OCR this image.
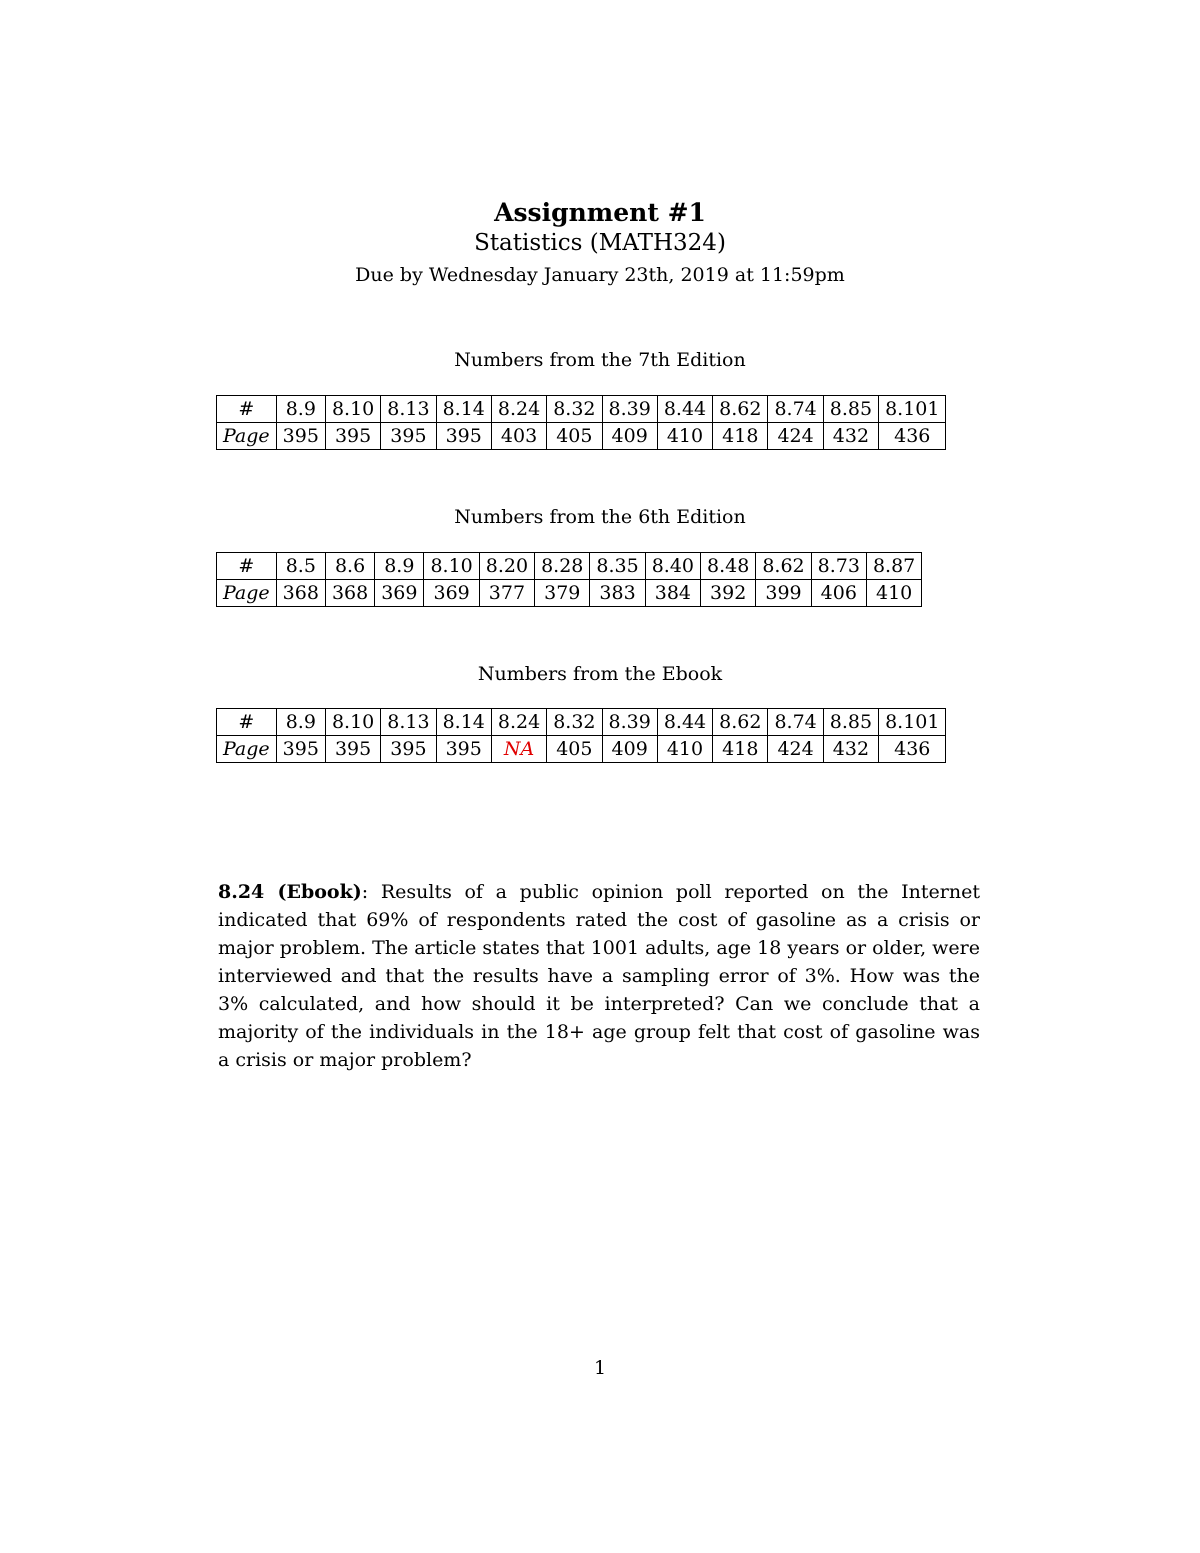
Assignment #1
Statistics (MATH324)
Due by Wednesday January 23th, 2019 at 11:59pm
Numbers from the 7th Edition
#	8.9	8.10	8.13	8.14	8.24	8.32	8.39	8.44	8.62	8.74	8.85	8.101
Page	395	395	395	395	403	405	409	410	418	424	432	436
Numbers from the 6th Edition
#	8.5	8.6	8.9	8.10	8.20	8.28	8.35	8.40	8.48	8.62	8.73	8.87
Page	368	368	369	369	377	379	383	384	392	399	406	410
Numbers from the Ebook
#	8.9	8.10	8.13	8.14	8.24	8.32	8.39	8.44	8.62	8.74	8.85	8.101
Page	395	395	395	395	NA	405	409	410	418	424	432	436
8.24 (Ebook): Results of a public opinion poll reported on the Internet indicated that 69% of respondents rated the cost of gasoline as a crisis or major problem. The article states that 1001 adults, age 18 years or older, were interviewed and that the results have a sampling error of 3%. How was the 3% calculated, and how should it be interpreted? Can we conclude that a majority of the individuals in the 18+ age group felt that cost of gasoline was a crisis or major problem?
1
